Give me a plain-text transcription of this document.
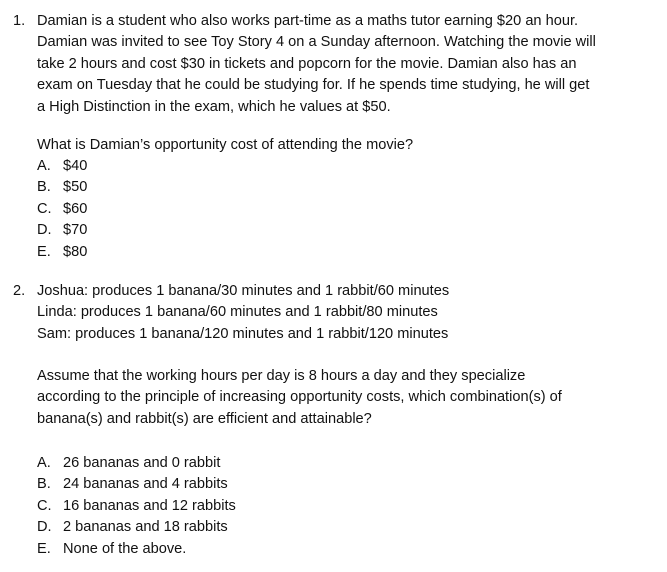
1. Damian is a student who also works part-time as a maths tutor earning $20 an hour.
Damian was invited to see Toy Story 4 on a Sunday afternoon. Watching the movie will
take 2 hours and cost $30 in tickets and popcorn for the movie. Damian also has an
exam on Tuesday that he could be studying for. If he spends time studying, he will get
a High Distinction in the exam, which he values at $50.
What is Damian’s opportunity cost of attending the movie?
A. $40
B. $50
C. $60
D. $70
E. $80
2. Joshua: produces 1 banana/30 minutes and 1 rabbit/60 minutes
Linda: produces 1 banana/60 minutes and 1 rabbit/80 minutes
Sam: produces 1 banana/120 minutes and 1 rabbit/120 minutes
Assume that the working hours per day is 8 hours a day and they specialize
according to the principle of increasing opportunity costs, which combination(s) of
banana(s) and rabbit(s) are efficient and attainable?
A. 26 bananas and 0 rabbit
B. 24 bananas and 4 rabbits
C. 16 bananas and 12 rabbits
D. 2 bananas and 18 rabbits
E. None of the above.
